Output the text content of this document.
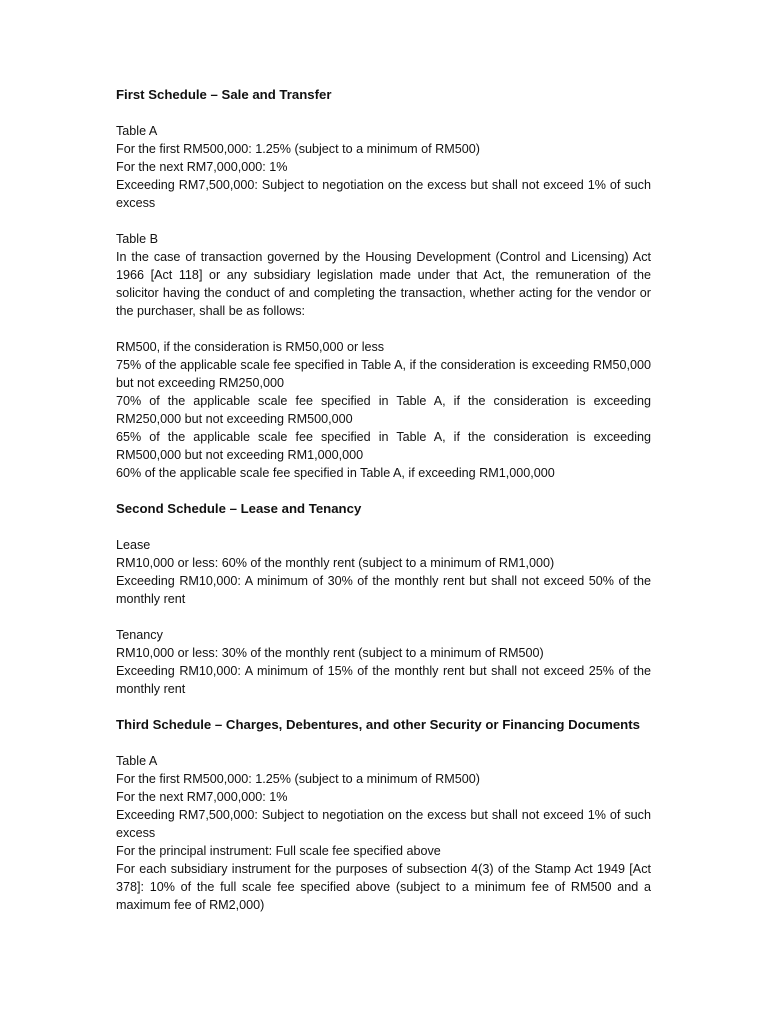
First Schedule – Sale and Transfer

Table A
For the first RM500,000: 1.25% (subject to a minimum of RM500)
For the next RM7,000,000: 1%
Exceeding RM7,500,000: Subject to negotiation on the excess but shall not exceed 1% of such excess
Table B
In the case of transaction governed by the Housing Development (Control and Licensing) Act 1966 [Act 118] or any subsidiary legislation made under that Act, the remuneration of the solicitor having the conduct of and completing the transaction, whether acting for the vendor or the purchaser, shall be as follows:
RM500, if the consideration is RM50,000 or less
75% of the applicable scale fee specified in Table A, if the consideration is exceeding RM50,000 but not exceeding RM250,000
70% of the applicable scale fee specified in Table A, if the consideration is exceeding RM250,000 but not exceeding RM500,000
65% of the applicable scale fee specified in Table A, if the consideration is exceeding RM500,000 but not exceeding RM1,000,000
60% of the applicable scale fee specified in Table A, if exceeding RM1,000,000

Second Schedule – Lease and Tenancy

Lease
RM10,000 or less: 60% of the monthly rent (subject to a minimum of RM1,000)
Exceeding RM10,000: A minimum of 30% of the monthly rent but shall not exceed 50% of the monthly rent
Tenancy
RM10,000 or less: 30% of the monthly rent (subject to a minimum of RM500)
Exceeding RM10,000: A minimum of 15% of the monthly rent but shall not exceed 25% of the monthly rent

Third Schedule – Charges, Debentures, and other Security or Financing Documents

Table A
For the first RM500,000: 1.25% (subject to a minimum of RM500)
For the next RM7,000,000: 1%
Exceeding RM7,500,000: Subject to negotiation on the excess but shall not exceed 1% of such excess
For the principal instrument: Full scale fee specified above
For each subsidiary instrument for the purposes of subsection 4(3) of the Stamp Act 1949 [Act 378]: 10% of the full scale fee specified above (subject to a minimum fee of RM500 and a maximum fee of RM2,000)
